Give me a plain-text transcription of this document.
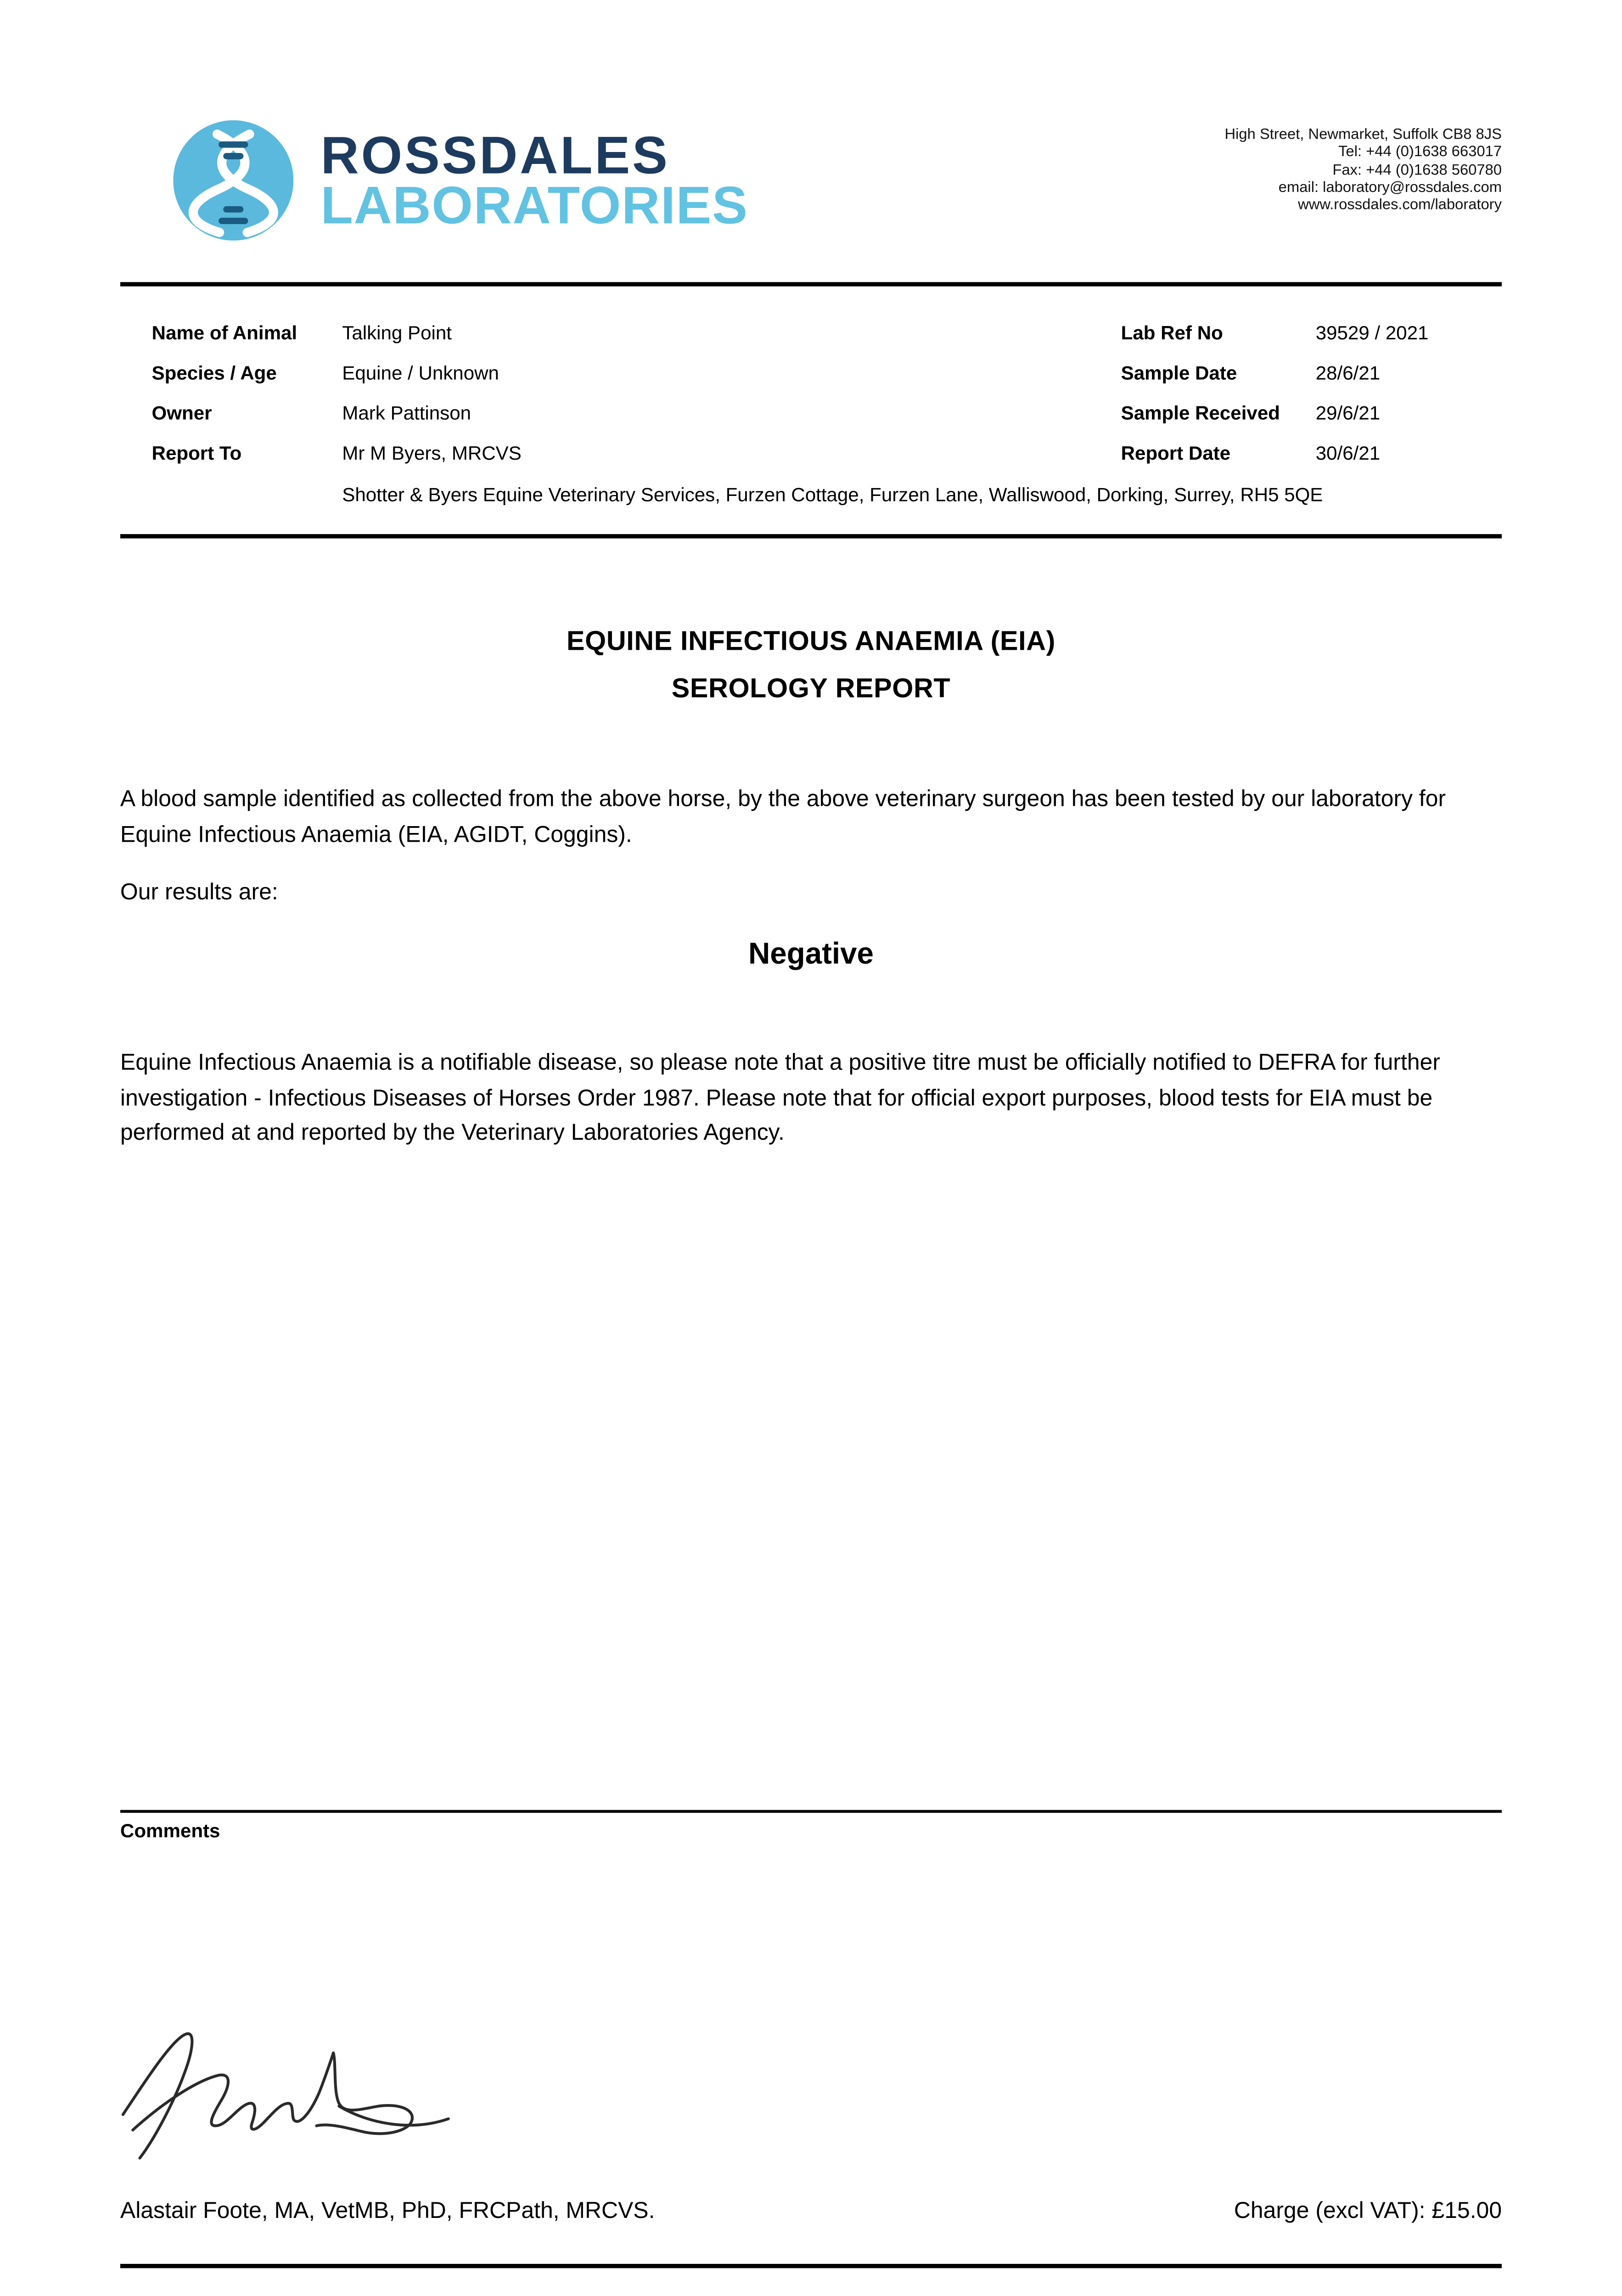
ROSSDALES
LABORATORIES
High Street, Newmarket, Suffolk CB8 8JS
Tel: +44 (0)1638 663017
Fax: +44 (0)1638 560780
email: laboratory@rossdales.com
www.rossdales.com/laboratory
Name of Animal	Talking Point	Lab Ref No	39529 / 2021
Species / Age	Equine / Unknown	Sample Date	28/6/21
Owner	Mark Pattinson	Sample Received	29/6/21
Report To	Mr M Byers, MRCVS	Report Date	30/6/21
Shotter & Byers Equine Veterinary Services, Furzen Cottage, Furzen Lane, Walliswood, Dorking, Surrey, RH5 5QE
EQUINE INFECTIOUS ANAEMIA (EIA)
SEROLOGY REPORT

A blood sample identified as collected from the above horse, by the above veterinary surgeon has been tested by our laboratory for Equine Infectious Anaemia (EIA, AGIDT, Coggins).

Our results are:

Negative

Equine Infectious Anaemia is a notifiable disease, so please note that a positive titre must be officially notified to DEFRA for further investigation - Infectious Diseases of Horses Order 1987. Please note that for official export purposes, blood tests for EIA must be performed at and reported by the Veterinary Laboratories Agency.

Comments
Alastair Foote, MA, VetMB, PhD, FRCPath, MRCVS.	Charge (excl VAT): £15.00
